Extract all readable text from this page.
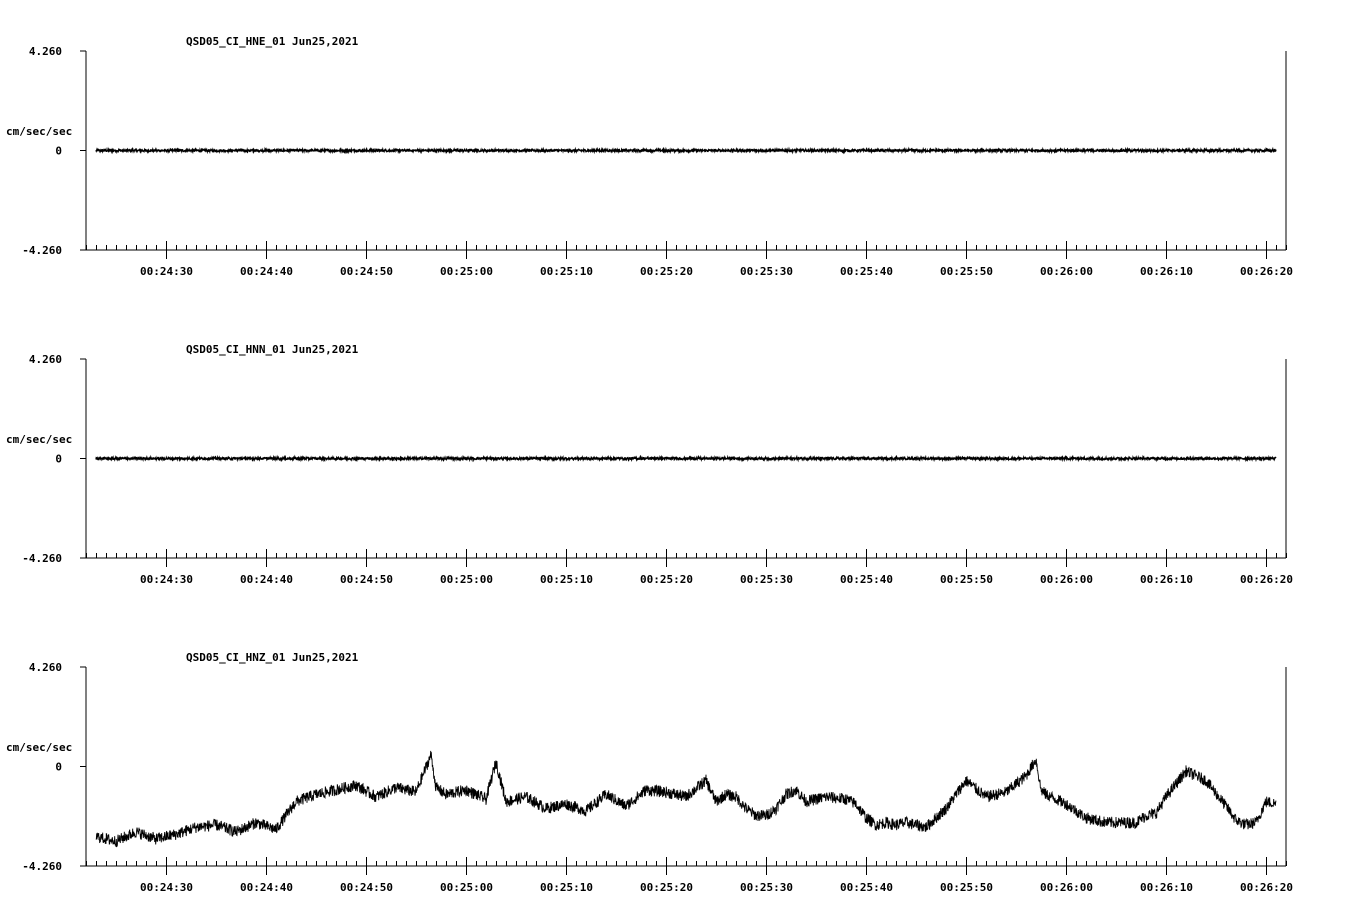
QSD05_CI_HNE_01 Jun25,2021
4.260
0
-4.260
cm/sec/sec
00:24:30	00:24:40	00:24:50	00:25:00	00:25:10	00:25:20	00:25:30	00:25:40	00:25:50	00:26:00	00:26:10	00:26:20
QSD05_CI_HNN_01 Jun25,2021
4.260
0
-4.260
cm/sec/sec
00:24:30	00:24:40	00:24:50	00:25:00	00:25:10	00:25:20	00:25:30	00:25:40	00:25:50	00:26:00	00:26:10	00:26:20
QSD05_CI_HNZ_01 Jun25,2021
4.260
0
-4.260
cm/sec/sec
00:24:30	00:24:40	00:24:50	00:25:00	00:25:10	00:25:20	00:25:30	00:25:40	00:25:50	00:26:00	00:26:10	00:26:20
